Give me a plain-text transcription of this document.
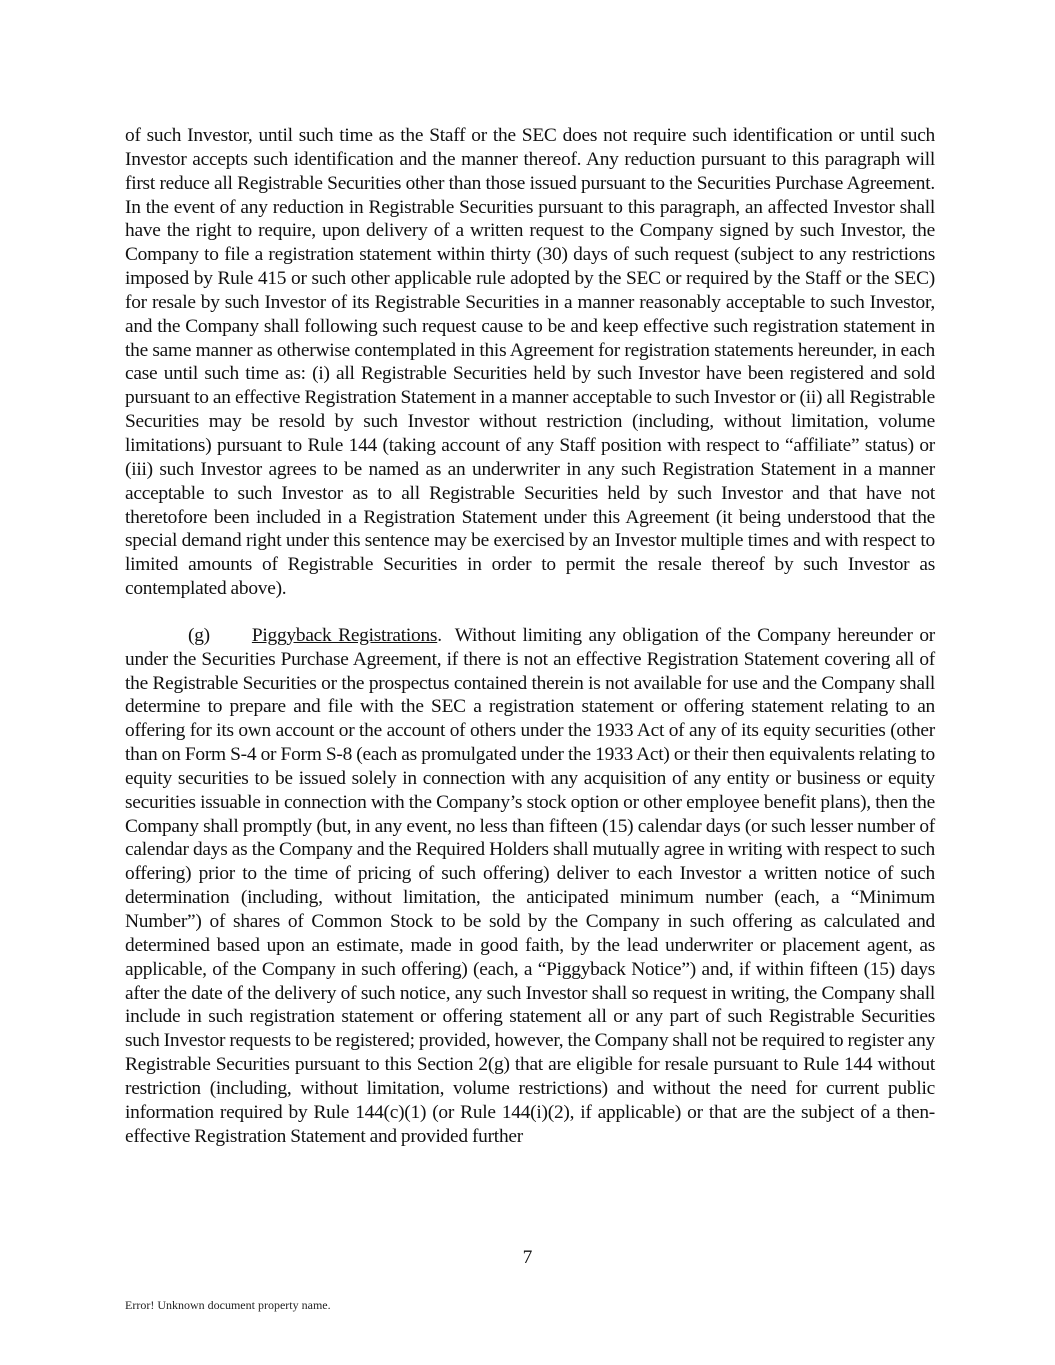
of such Investor, until such time as the Staff or the SEC does not require such identification or until such Investor accepts such identification and the manner thereof. Any reduction pursuant to this paragraph will first reduce all Registrable Securities other than those issued pursuant to the Securities Purchase Agreement. In the event of any reduction in Registrable Securities pursuant to this paragraph, an affected Investor shall have the right to require, upon delivery of a written request to the Company signed by such Investor, the Company to file a registration statement within thirty (30) days of such request (subject to any restrictions imposed by Rule 415 or such other applicable rule adopted by the SEC or required by the Staff or the SEC) for resale by such Investor of its Registrable Securities in a manner reasonably acceptable to such Investor, and the Company shall following such request cause to be and keep effective such registration statement in the same manner as otherwise contemplated in this Agreement for registration statements hereunder, in each case until such time as: (i) all Registrable Securities held by such Investor have been registered and sold pursuant to an effective Registration Statement in a manner acceptable to such Investor or (ii) all Registrable Securities may be resold by such Investor without restriction (including, without limitation, volume limitations) pursuant to Rule 144 (taking account of any Staff position with respect to “affiliate” status) or (iii) such Investor agrees to be named as an underwriter in any such Registration Statement in a manner acceptable to such Investor as to all Registrable Securities held by such Investor and that have not theretofore been included in a Registration Statement under this Agreement (it being understood that the special demand right under this sentence may be exercised by an Investor multiple times and with respect to limited amounts of Registrable Securities in order to permit the resale thereof by such Investor as contemplated above).

(g) Piggyback Registrations. Without limiting any obligation of the Company hereunder or under the Securities Purchase Agreement, if there is not an effective Registration Statement covering all of the Registrable Securities or the prospectus contained therein is not available for use and the Company shall determine to prepare and file with the SEC a registration statement or offering statement relating to an offering for its own account or the account of others under the 1933 Act of any of its equity securities (other than on Form S-4 or Form S-8 (each as promulgated under the 1933 Act) or their then equivalents relating to equity securities to be issued solely in connection with any acquisition of any entity or business or equity securities issuable in connection with the Company’s stock option or other employee benefit plans), then the Company shall promptly (but, in any event, no less than fifteen (15) calendar days (or such lesser number of calendar days as the Company and the Required Holders shall mutually agree in writing with respect to such offering) prior to the time of pricing of such offering) deliver to each Investor a written notice of such determination (including, without limitation, the anticipated minimum number (each, a “Minimum Number”) of shares of Common Stock to be sold by the Company in such offering as calculated and determined based upon an estimate, made in good faith, by the lead underwriter or placement agent, as applicable, of the Company in such offering) (each, a “Piggyback Notice”) and, if within fifteen (15) days after the date of the delivery of such notice, any such Investor shall so request in writing, the Company shall include in such registration statement or offering statement all or any part of such Registrable Securities such Investor requests to be registered; provided, however, the Company shall not be required to register any Registrable Securities pursuant to this Section 2(g) that are eligible for resale pursuant to Rule 144 without restriction (including, without limitation, volume restrictions) and without the need for current public information required by Rule 144(c)(1) (or Rule 144(i)(2), if applicable) or that are the subject of a then-effective Registration Statement and provided further

7
Error! Unknown document property name.
